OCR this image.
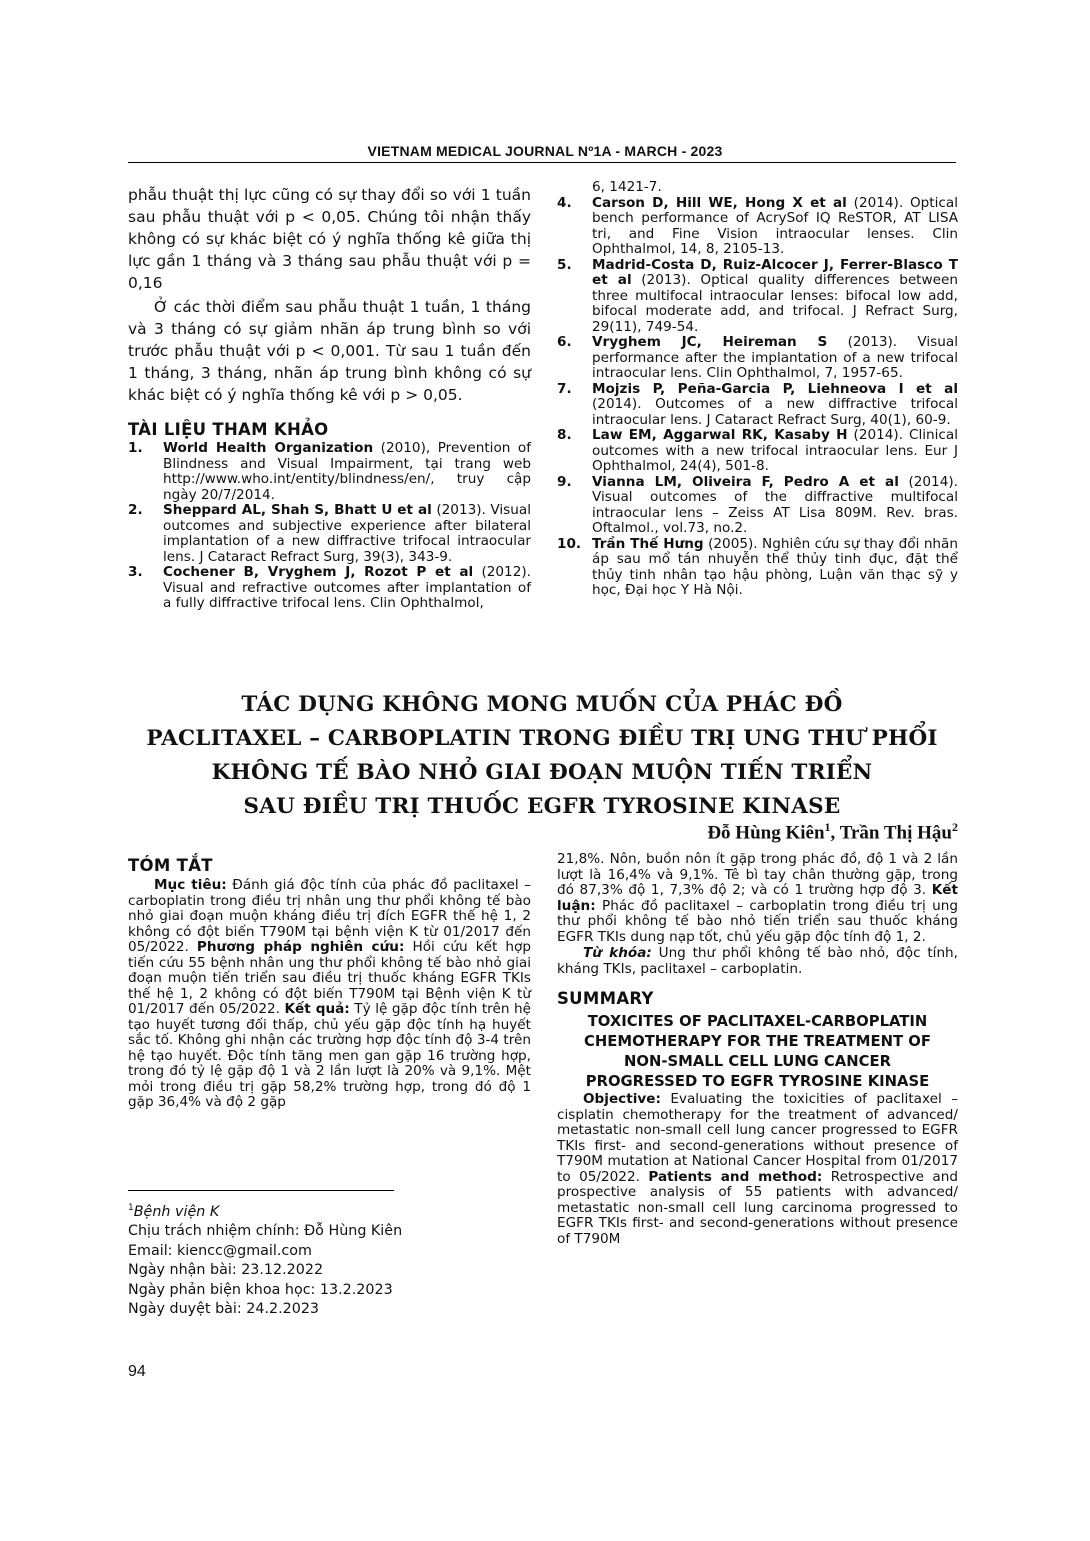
VIETNAM MEDICAL JOURNAL Nº1A - MARCH - 2023

phẫu thuật thị lực cũng có sự thay đổi so với 1 tuần sau phẫu thuật với p < 0,05. Chúng tôi nhận thấy không có sự khác biệt có ý nghĩa thống kê giữa thị lực gần 1 tháng và 3 tháng sau phẫu thuật với p = 0,16

Ở các thời điểm sau phẫu thuật 1 tuần, 1 tháng và 3 tháng có sự giảm nhãn áp trung bình so với trước phẫu thuật với p < 0,001. Từ sau 1 tuần đến 1 tháng, 3 tháng, nhãn áp trung bình không có sự khác biệt có ý nghĩa thống kê với p > 0,05.

TÀI LIỆU THAM KHẢO

1. World Health Organization (2010), Prevention of Blindness and Visual Impairment, tại trang web http://www.who.int/entity/blindness/en/, truy cập ngày 20/7/2014.
2. Sheppard AL, Shah S, Bhatt U et al (2013). Visual outcomes and subjective experience after bilateral implantation of a new diffractive trifocal intraocular lens. J Cataract Refract Surg, 39(3), 343-9.
3. Cochener B, Vryghem J, Rozot P et al (2012). Visual and refractive outcomes after implantation of a fully diffractive trifocal lens. Clin Ophthalmol,
6, 1421-7.
4. Carson D, Hill WE, Hong X et al (2014). Optical bench performance of AcrySof IQ ReSTOR, AT LISA tri, and Fine Vision intraocular lenses. Clin Ophthalmol, 14, 8, 2105-13.
5. Madrid-Costa D, Ruiz-Alcocer J, Ferrer-Blasco T et al (2013). Optical quality differences between three multifocal intraocular lenses: bifocal low add, bifocal moderate add, and trifocal. J Refract Surg, 29(11), 749-54.
6. Vryghem JC, Heireman S (2013). Visual performance after the implantation of a new trifocal intraocular lens. Clin Ophthalmol, 7, 1957-65.
7. Mojzis P, Peña-Garcia P, Liehneova I et al (2014). Outcomes of a new diffractive trifocal intraocular lens. J Cataract Refract Surg, 40(1), 60-9.
8. Law EM, Aggarwal RK, Kasaby H (2014). Clinical outcomes with a new trifocal intraocular lens. Eur J Ophthalmol, 24(4), 501-8.
9. Vianna LM, Oliveira F, Pedro A et al (2014). Visual outcomes of the diffractive multifocal intraocular lens – Zeiss AT Lisa 809M. Rev. bras. Oftalmol., vol.73, no.2.
10. Trần Thế Hưng (2005). Nghiên cứu sự thay đổi nhãn áp sau mổ tán nhuyễn thể thủy tinh đục, đặt thể thủy tinh nhân tạo hậu phòng, Luận văn thạc sỹ y học, Đại học Y Hà Nội.
TÁC DỤNG KHÔNG MONG MUỐN CỦA PHÁC ĐỒ
PACLITAXEL – CARBOPLATIN TRONG ĐIỀU TRỊ UNG THƯ PHỔI
KHÔNG TẾ BÀO NHỎ GIAI ĐOẠN MUỘN TIẾN TRIỂN
SAU ĐIỀU TRỊ THUỐC EGFR TYROSINE KINASE
Đỗ Hùng Kiên$^1$, Trần Thị Hậu$^2$

TÓM TẮT

Mục tiêu: Đánh giá độc tính của phác đồ paclitaxel – carboplatin trong điều trị nhân ung thư phổi không tế bào nhỏ giai đoạn muộn kháng điều trị đích EGFR thế hệ 1, 2 không có đột biến T790M tại bệnh viện K từ 01/2017 đến 05/2022. Phương pháp nghiên cứu: Hồi cứu kết hợp tiến cứu 55 bệnh nhân ung thư phổi không tế bào nhỏ giai đoạn muộn tiến triển sau điều trị thuốc kháng EGFR TKIs thế hệ 1, 2 không có đột biến T790M tại Bệnh viện K từ 01/2017 đến 05/2022. Kết quả: Tỷ lệ gặp độc tính trên hệ tạo huyết tương đối thấp, chủ yếu gặp độc tính hạ huyết sắc tố. Không ghi nhận các trường hợp độc tính độ 3-4 trên hệ tạo huyết. Độc tính tăng men gan gặp 16 trường hợp, trong đó tỷ lệ gặp độ 1 và 2 lần lượt là 20% và 9,1%. Mệt mỏi trong điều trị gặp 58,2% trường hợp, trong đó độ 1 gặp 36,4% và độ 2 gặp

21,8%. Nôn, buồn nôn ít gặp trong phác đồ, độ 1 và 2 lần lượt là 16,4% và 9,1%. Tê bì tay chân thường gặp, trong đó 87,3% độ 1, 7,3% độ 2; và có 1 trường hợp độ 3. Kết luận: Phác đồ paclitaxel – carboplatin trong điều trị ung thư phổi không tế bào nhỏ tiến triển sau thuốc kháng EGFR TKIs dung nạp tốt, chủ yếu gặp độc tính độ 1, 2.

Từ khóa: Ung thư phổi không tế bào nhỏ, độc tính, kháng TKIs, paclitaxel – carboplatin.

SUMMARY

TOXICITES OF PACLITAXEL-CARBOPLATIN

CHEMOTHERAPY FOR THE TREATMENT OF

NON-SMALL CELL LUNG CANCER

PROGRESSED TO EGFR TYROSINE KINASE

Objective: Evaluating the toxicities of paclitaxel – cisplatin chemotherapy for the treatment of advanced/ metastatic non-small cell lung cancer progressed to EGFR TKIs first- and second-generations without presence of T790M mutation at National Cancer Hospital from 01/2017 to 05/2022. Patients and method: Retrospective and prospective analysis of 55 patients with advanced/ metastatic non-small cell lung carcinoma progressed to EGFR TKIs first- and second-generations without presence of T790M

$^1$Bệnh viện K
Chịu trách nhiệm chính: Đỗ Hùng Kiên
Email: kiencc@gmail.com
Ngày nhận bài: 23.12.2022
Ngày phản biện khoa học: 13.2.2023
Ngày duyệt bài: 24.2.2023
94
